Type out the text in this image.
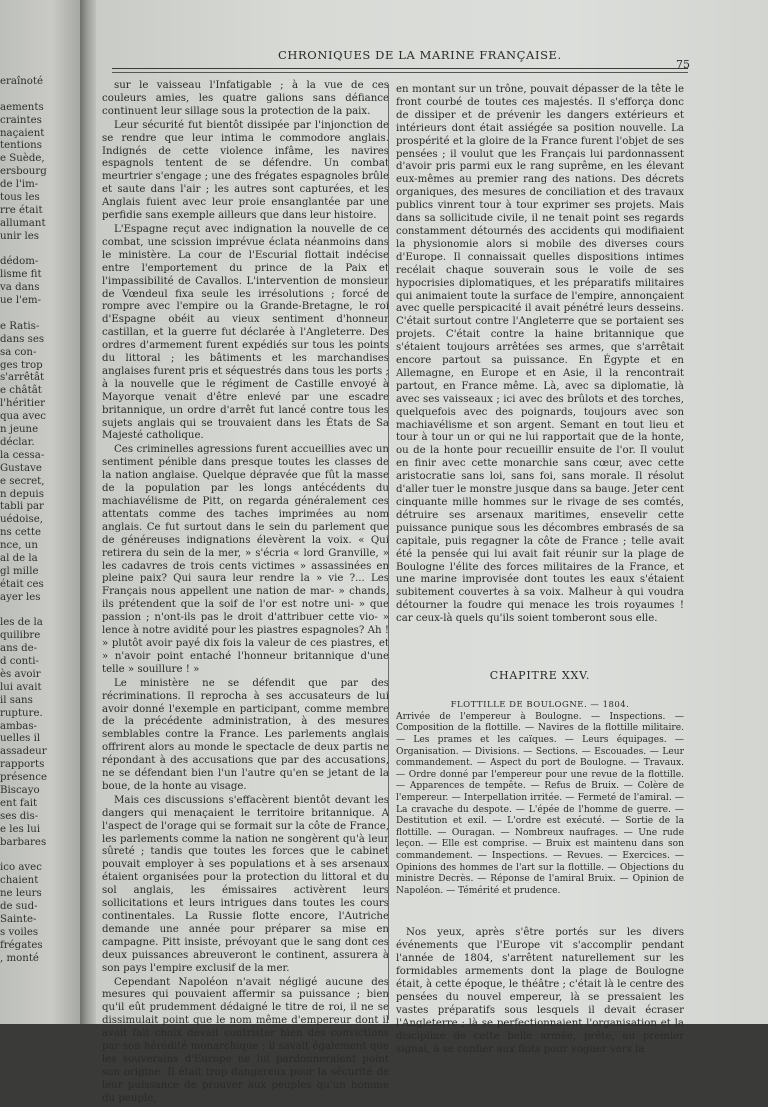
eraînoté
aements
craintes
naçaient
tentions
e Suède,
ersbourg
de l'im-
tous les
rre était
allumant
unir les
dédom-
lisme fit
va dans
ue l'em-
e Ratis-
dans ses
sa con-
ges trop
s'arrêtât
e châtât
l'héritier
qua avec
n jeune
déclar.
la cessa-
Gustave
e secret,
n depuis
tabli par
uédoise,
ns cette
nce, un
al de la
gl mille
était ces
ayer les
les de la
quilibre
ans de-
d conti-
ès avoir
lui avait
il sans
rupture.
ambas-
uelles il
assadeur
rapports
présence
Biscayo
ent fait
ses dis-
e les lui
barbares
ico avec
chaient
ne leurs
de sud-
Sainte-
s voiles
frégates
, monté
CHRONIQUES DE LA MARINE FRANÇAISE.
75

sur le vaisseau l'Infatigable ; à la vue de ces couleurs amies, les quatre galions sans défiance continuent leur sillage sous la protection de la paix.

Leur sécurité fut bientôt dissipée par l'injonction de se rendre que leur intima le commodore anglais. Indignés de cette violence infâme, les navires espagnols tentent de se défendre. Un combat meurtrier s'engage ; une des frégates espagnoles brûle et saute dans l'air ; les autres sont capturées, et les Anglais fuient avec leur proie ensanglantée par une perfidie sans exemple ailleurs que dans leur histoire.

L'Espagne reçut avec indignation la nouvelle de ce combat, une scission imprévue éclata néanmoins dans le ministère. La cour de l'Escurial flottait indécise entre l'emportement du prince de la Paix et l'impassibilité de Cavallos. L'intervention de monsieur de Vœndeul fixa seule les irrésolutions ; forcé de rompre avec l'empire ou la Grande-Bretagne, le roi d'Espagne obéit au vieux sentiment d'honneur castillan, et la guerre fut déclarée à l'Angleterre. Des ordres d'armement furent expédiés sur tous les points du littoral ; les bâtiments et les marchandises anglaises furent pris et séquestrés dans tous les ports ; à la nouvelle que le régiment de Castille envoyé à Mayorque venait d'être enlevé par une escadre britannique, un ordre d'arrêt fut lancé contre tous les sujets anglais qui se trouvaient dans les États de Sa Majesté catholique.

Ces criminelles agressions furent accueillies avec un sentiment pénible dans presque toutes les classes de la nation anglaise. Quelque dépravée que fût la masse de la population par les longs antécédents du machiavélisme de Pitt, on regarda généralement ces attentats comme des taches imprimées au nom anglais. Ce fut surtout dans le sein du parlement que de généreuses indignations élevèrent la voix. « Qui retirera du sein de la mer, » s'écria « lord Granville, » les cadavres de trois cents victimes » assassinées en pleine paix? Qui saura leur rendre la » vie ?... Les Français nous appellent une nation de mar- » chands, ils prétendent que la soif de l'or est notre uni- » que passion ; n'ont-ils pas le droit d'attribuer cette vio- » lence à notre avidité pour les piastres espagnoles? Ah ! » plutôt avoir payé dix fois la valeur de ces piastres, et » n'avoir point entaché l'honneur britannique d'une telle » souillure ! »

Le ministère ne se défendit que par des récriminations. Il reprocha à ses accusateurs de lui avoir donné l'exemple en participant, comme membre de la précédente administration, à des mesures semblables contre la France. Les parlements anglais offrirent alors au monde le spectacle de deux partis ne répondant à des accusations que par des accusations, ne se défendant bien l'un l'autre qu'en se jetant de la boue, de la honte au visage.

Mais ces discussions s'effacèrent bientôt devant les dangers qui menaçaient le territoire britannique. A l'aspect de l'orage qui se formait sur la côte de France, les parlements comme la nation ne songèrent qu'à leur sûreté ; tandis que toutes les forces que le cabinet pouvait employer à ses populations et à ses arsenaux étaient organisées pour la protection du littoral et du sol anglais, les émissaires activèrent leurs sollicitations et leurs intrigues dans toutes les cours continentales. La Russie flotte encore, l'Autriche demande une année pour préparer sa mise en campagne. Pitt insiste, prévoyant que le sang dont ces deux puissances abreuveront le continent, assurera à son pays l'empire exclusif de la mer.

Cependant Napoléon n'avait négligé aucune des mesures qui pouvaient affermir sa puissance ; bien qu'il eût prudemment dédaigné le titre de roi, il ne se dissimulait point que le nom même d'empereur dont il avait fait choix devait contrister bien des convictions par son hérédité monarchique ; il savait également que les souverains d'Europe ne lui pardonneraient point son origine. Il était trop dangereux pour la sécurité de leur puissance de prouver aux peuples qu'un homme du peuple,

en montant sur un trône, pouvait dépasser de la tête le front courbé de toutes ces majestés. Il s'efforça donc de dissiper et de prévenir les dangers extérieurs et intérieurs dont était assiégée sa position nouvelle. La prospérité et la gloire de la France furent l'objet de ses pensées ; il voulut que les Français lui pardonnassent d'avoir pris parmi eux le rang suprême, en les élevant eux-mêmes au premier rang des nations. Des décrets organiques, des mesures de conciliation et des travaux publics vinrent tour à tour exprimer ses projets. Mais dans sa sollicitude civile, il ne tenait point ses regards constamment détournés des accidents qui modifiaient la physionomie alors si mobile des diverses cours d'Europe. Il connaissait quelles dispositions intimes recélait chaque souverain sous le voile de ses hypocrisies diplomatiques, et les préparatifs militaires qui animaient toute la surface de l'empire, annonçaient avec quelle perspicacité il avait pénétré leurs desseins. C'était surtout contre l'Angleterre que se portaient ses projets. C'était contre la haine britannique que s'étaient toujours arrêtées ses armes, que s'arrêtait encore partout sa puissance. En Égypte et en Allemagne, en Europe et en Asie, il la rencontrait partout, en France même. Là, avec sa diplomatie, là avec ses vaisseaux ; ici avec des brûlots et des torches, quelquefois avec des poignards, toujours avec son machiavélisme et son argent. Semant en tout lieu et tour à tour un or qui ne lui rapportait que de la honte, ou de la honte pour recueillir ensuite de l'or. Il voulut en finir avec cette monarchie sans cœur, avec cette aristocratie sans loi, sans foi, sans morale. Il résolut d'aller tuer le monstre jusque dans sa bauge. Jeter cent cinquante mille hommes sur le rivage de ses comtés, détruire ses arsenaux maritimes, ensevelir cette puissance punique sous les décombres embrasés de sa capitale, puis regagner la côte de France ; telle avait été la pensée qui lui avait fait réunir sur la plage de Boulogne l'élite des forces militaires de la France, et une marine improvisée dont toutes les eaux s'étaient subitement couvertes à sa voix. Malheur à qui voudra détourner la foudre qui menace les trois royaumes ! car ceux-là quels qu'ils soient tomberont sous elle.

CHAPITRE XXV.
FLOTTILLE DE BOULOGNE. — 1804.

Arrivée de l'empereur à Boulogne. — Inspections. — Composition de la flottille. — Navires de la flottille militaire. — Les prames et les caïques. — Leurs équipages. — Organisation. — Divisions. — Sections. — Escouades. — Leur commandement. — Aspect du port de Boulogne. — Travaux. — Ordre donné par l'empereur pour une revue de la flottille. — Apparences de tempête. — Refus de Bruix. — Colère de l'empereur. — Interpellation irritée. — Fermeté de l'amiral. — La cravache du despote. — L'épée de l'homme de guerre. — Destitution et exil. — L'ordre est exécuté. — Sortie de la flottille. — Ouragan. — Nombreux naufrages. — Une rude leçon. — Elle est comprise. — Bruix est maintenu dans son commandement. — Inspections. — Revues. — Exercices. — Opinions des hommes de l'art sur la flottille. — Objections du ministre Decrès. — Réponse de l'amiral Bruix. — Opinion de Napoléon. — Témérité et prudence.

Nos yeux, après s'être portés sur les divers événements que l'Europe vit s'accomplir pendant l'année de 1804, s'arrêtent naturellement sur les formidables armements dont la plage de Boulogne était, à cette époque, le théâtre ; c'était là le centre des pensées du nouvel empereur, là se pressaient les vastes préparatifs sous lesquels il devait écraser l'Angleterre ; là se perfectionnaient l'organisation et la discipline de cette belle armée, prête, au premier signal, à se confier aux flots pour voguer vers la
